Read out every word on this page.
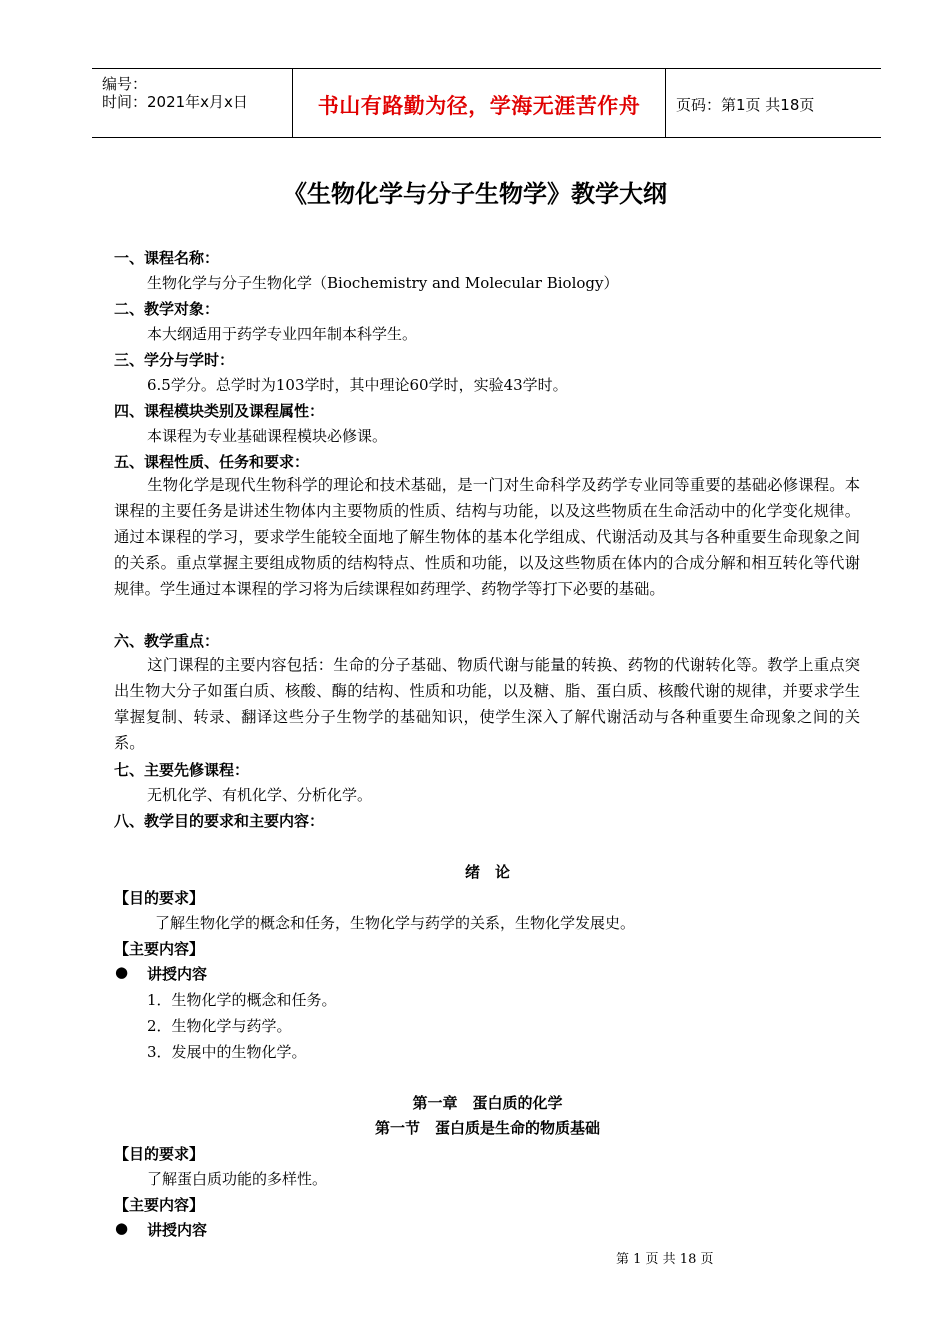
编号：
时间：2021年x月x日	书山有路勤为径，学海无涯苦作舟	页码：第1页 共18页
《生物化学与分子生物学》教学大纲
一、课程名称：
生物化学与分子生物化学（Biochemistry and Molecular Biology）
二、教学对象：
本大纲适用于药学专业四年制本科学生。
三、学分与学时：
6.5学分。总学时为103学时，其中理论60学时，实验43学时。
四、课程模块类别及课程属性：
本课程为专业基础课程模块必修课。
五、课程性质、任务和要求：
生物化学是现代生物科学的理论和技术基础，是一门对生命科学及药学专业同等重要的基础必修课程。本课程的主要任务是讲述生物体内主要物质的性质、结构与功能，以及这些物质在生命活动中的化学变化规律。通过本课程的学习，要求学生能较全面地了解生物体的基本化学组成、代谢活动及其与各种重要生命现象之间的关系。重点掌握主要组成物质的结构特点、性质和功能，以及这些物质在体内的合成分解和相互转化等代谢规律。学生通过本课程的学习将为后续课程如药理学、药物学等打下必要的基础。
六、教学重点：
这门课程的主要内容包括：生命的分子基础、物质代谢与能量的转换、药物的代谢转化等。教学上重点突出生物大分子如蛋白质、核酸、酶的结构、性质和功能，以及糖、脂、蛋白质、核酸代谢的规律，并要求学生掌握复制、转录、翻译这些分子生物学的基础知识，使学生深入了解代谢活动与各种重要生命现象之间的关系。
七、主要先修课程：
无机化学、有机化学、分析化学。
八、教学目的要求和主要内容：
绪　论
【目的要求】
了解生物化学的概念和任务，生物化学与药学的关系，生物化学发展史。
【主要内容】
● 讲授内容
1．生物化学的概念和任务。
2．生物化学与药学。
3．发展中的生物化学。
第一章　蛋白质的化学
第一节　蛋白质是生命的物质基础
【目的要求】
了解蛋白质功能的多样性。
【主要内容】
● 讲授内容
第 1 页 共 18 页
